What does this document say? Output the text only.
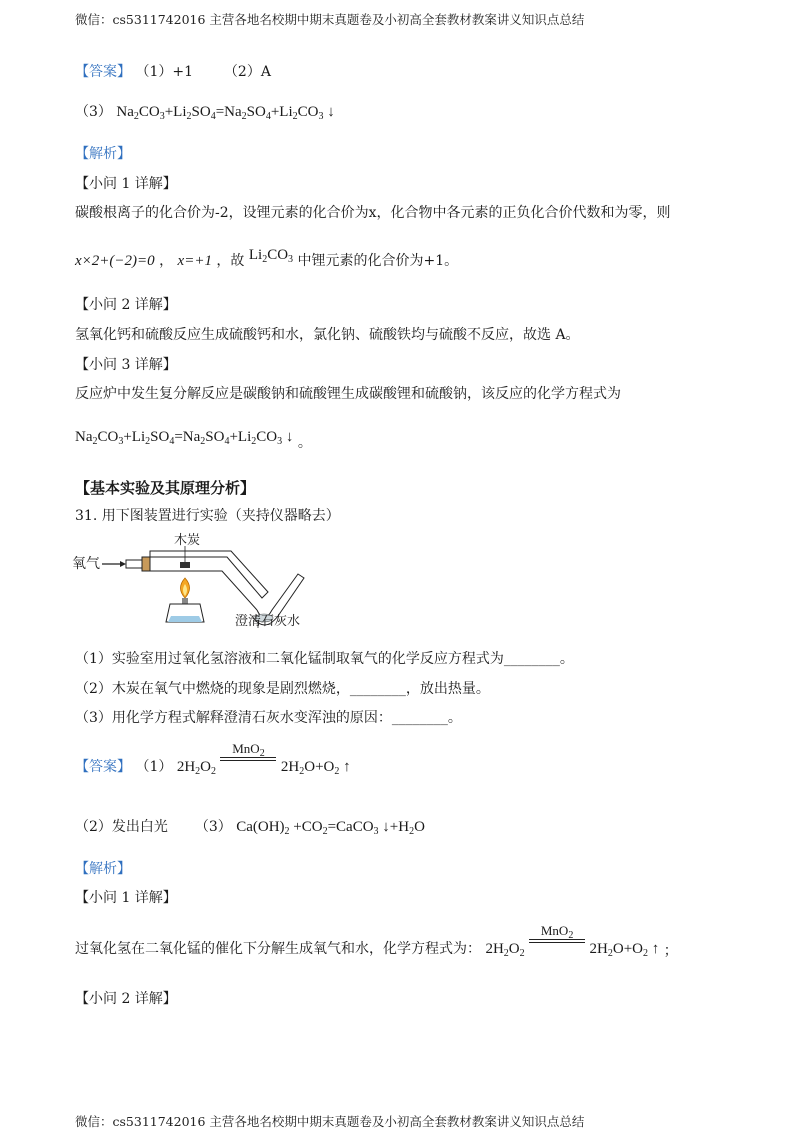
微信：cs5311742016 主营各地名校期中期末真题卷及小初高全套教材教案讲义知识点总结
【答案】 （1）+1 （2）A
（3） $Na_2CO_3+Li_2SO_4=Na_2SO_4+Li_2CO_3$ ↓
【解析】
【小问 1 详解】
碳酸根离子的化合价为-2，设锂元素的化合价为x，化合物中各元素的正负化合价代数和为零，则
x×2+(−2)=0 ， x=+1 ，故 $Li_2CO_3$ 中锂元素的化合价为+1。
【小问 2 详解】
氢氧化钙和硫酸反应生成硫酸钙和水，氯化钠、硫酸铁均与硫酸不反应，故选 A。
【小问 3 详解】
反应炉中发生复分解反应是碳酸钠和硫酸锂生成碳酸锂和硫酸钠，该反应的化学方程式为
$Na_2CO_3+Li_2SO_4=Na_2SO_4+Li_2CO_3$ ↓ 。
【基本实验及其原理分析】
31. 用下图装置进行实验（夹持仪器略去）
氧气
木炭
澄清石灰水
（1）实验室用过氧化氢溶液和二氧化锰制取氧气的化学反应方程式为________。
（2）木炭在氧气中燃烧的现象是剧烈燃烧，________，放出热量。
（3）用化学方程式解释澄清石灰水变浑浊的原因：________。
【答案】 （1） $2H_2O_2$
MnO$_2$
$2H_2O+O_2$ ↑
（2）发出白光 （3） $Ca(OH)_2$ $+CO_2=CaCO_3$ $↓+H_2O$
【解析】
【小问 1 详解】
过氧化氢在二氧化锰的催化下分解生成氧气和水，化学方程式为： $2H_2O_2$
MnO$_2$
$2H_2O+O_2$ ↑ ；
【小问 2 详解】
微信：cs5311742016 主营各地名校期中期末真题卷及小初高全套教材教案讲义知识点总结
